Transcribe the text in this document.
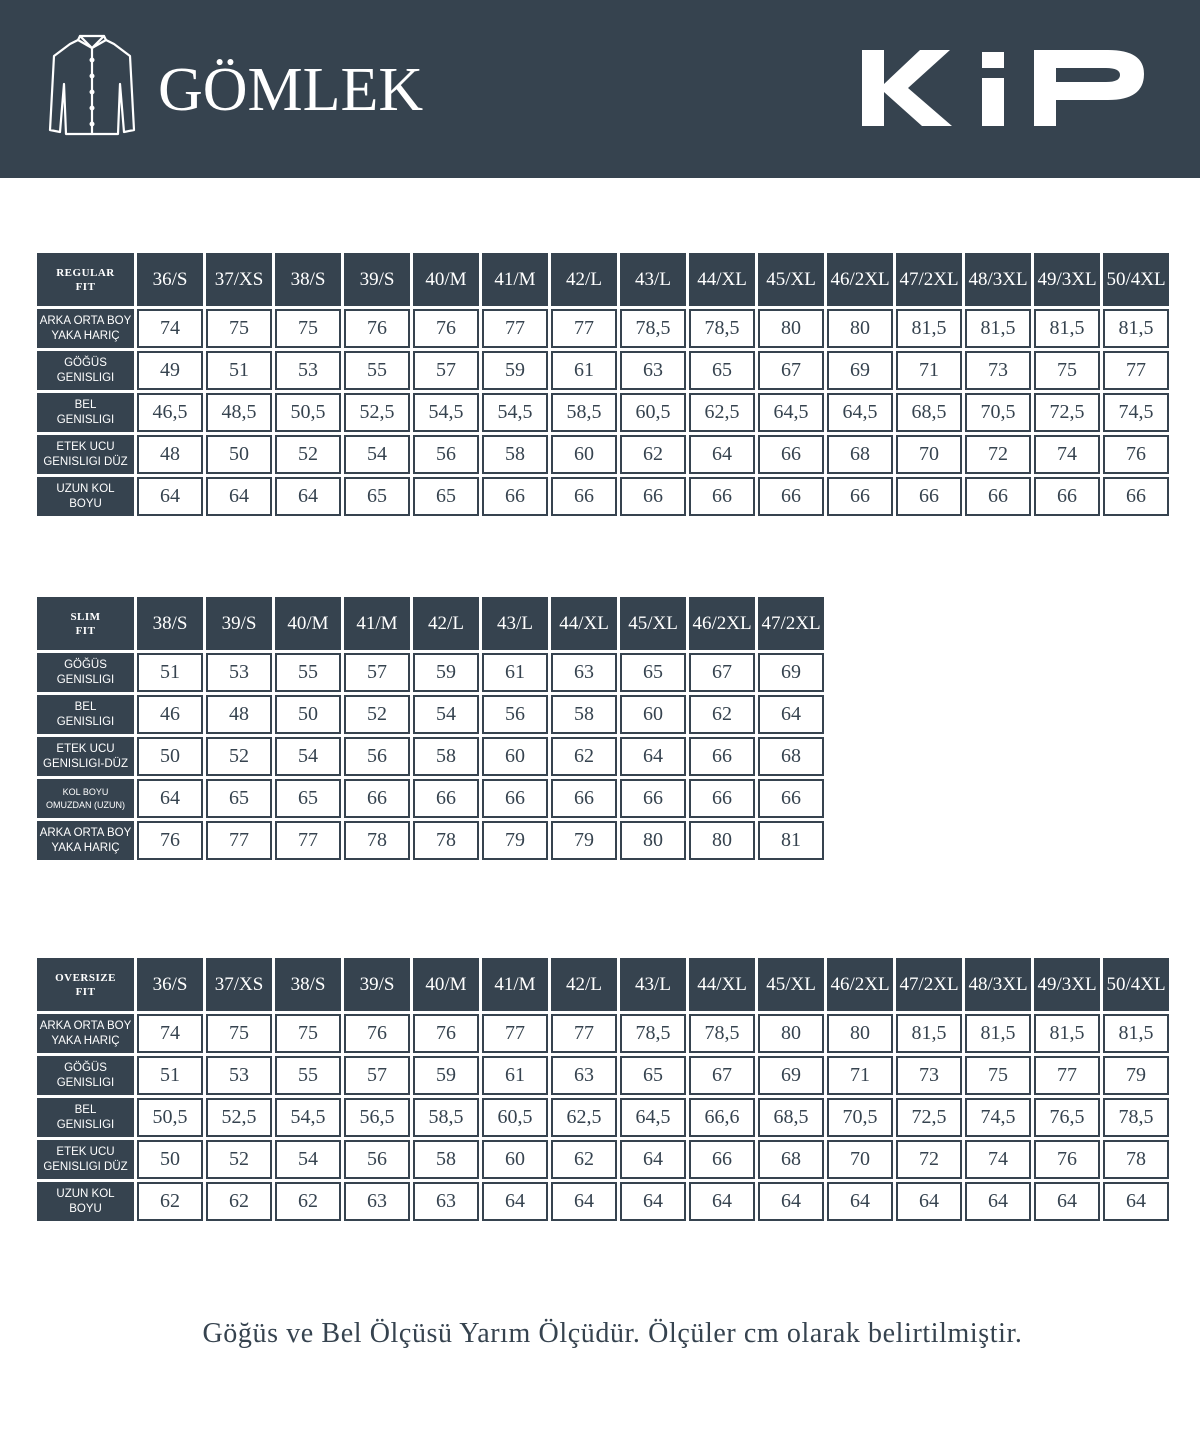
GÖMLEK
REGULAR
FIT	36/S	37/XS	38/S	39/S	40/M	41/M	42/L	43/L	44/XL	45/XL	46/2XL	47/2XL	48/3XL	49/3XL	50/4XL

ARKA ORTA BOY
YAKA HARIÇ	74	75	75	76	76	77	77	78,5	78,5	80	80	81,5	81,5	81,5	81,5

GÖĞÜS
GENISLIGI	49	51	53	55	57	59	61	63	65	67	69	71	73	75	77

BEL
GENISLIGI	46,5	48,5	50,5	52,5	54,5	54,5	58,5	60,5	62,5	64,5	64,5	68,5	70,5	72,5	74,5

ETEK UCU
GENISLIGI DÜZ	48	50	52	54	56	58	60	62	64	66	68	70	72	74	76

UZUN KOL
BOYU	64	64	64	65	65	66	66	66	66	66	66	66	66	66	66
SLIM
FIT	38/S	39/S	40/M	41/M	42/L	43/L	44/XL	45/XL	46/2XL	47/2XL

GÖĞÜS
GENISLIGI	51	53	55	57	59	61	63	65	67	69

BEL
GENISLIGI	46	48	50	52	54	56	58	60	62	64

ETEK UCU
GENISLIGI-DÜZ	50	52	54	56	58	60	62	64	66	68

KOL BOYU
OMUZDAN (UZUN)	64	65	65	66	66	66	66	66	66	66

ARKA ORTA BOY
YAKA HARIÇ	76	77	77	78	78	79	79	80	80	81
OVERSIZE
FIT	36/S	37/XS	38/S	39/S	40/M	41/M	42/L	43/L	44/XL	45/XL	46/2XL	47/2XL	48/3XL	49/3XL	50/4XL

ARKA ORTA BOY
YAKA HARIÇ	74	75	75	76	76	77	77	78,5	78,5	80	80	81,5	81,5	81,5	81,5

GÖĞÜS
GENISLIGI	51	53	55	57	59	61	63	65	67	69	71	73	75	77	79

BEL
GENISLIGI	50,5	52,5	54,5	56,5	58,5	60,5	62,5	64,5	66,6	68,5	70,5	72,5	74,5	76,5	78,5

ETEK UCU
GENISLIGI DÜZ	50	52	54	56	58	60	62	64	66	68	70	72	74	76	78

UZUN KOL
BOYU	62	62	62	63	63	64	64	64	64	64	64	64	64	64	64
Göğüs ve Bel Ölçüsü Yarım Ölçüdür. Ölçüler cm olarak belirtilmiştir.
